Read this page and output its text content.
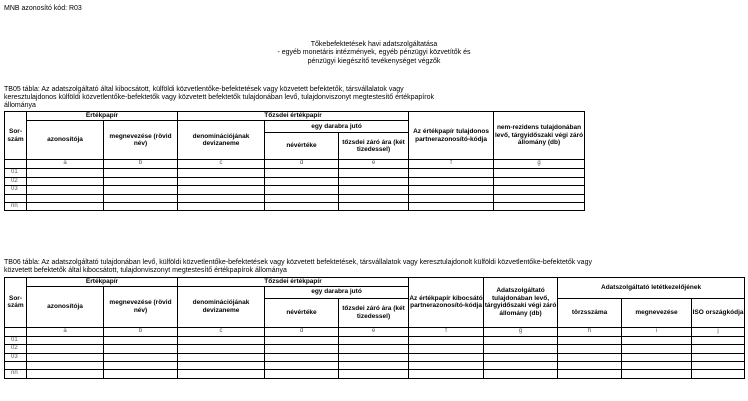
MNB azonosító kód: R03
Tőkebefektetések havi adatszolgáltatása
- egyéb monetáris intézmények, egyéb pénzügyi közvetítők és
pénzügyi kiegészítő tevékenységet végzők
TB05 tábla: Az adatszolgáltató által kibocsátott, külföldi közvetlentőke-befektetések vagy közvetett befektetők, társvállalatok vagy
keresztulajdonos külföldi közvetlentőke-befektetők vagy közvetett befektetők tulajdonában levő, tulajdonviszonyt megtestesítő értékpapírok
állománya
Sor-szám	Értékpapír		Tőzsdei értékpapír			Az értékpapír tulajdonos partnerazonosító-kódja	nem-rezidens tulajdonában levő, tárgyidőszaki végi záró állomány (db)
	azonosítója	megnevezése (rövid név)	denominációjának devizaneme	egy darabra jutó			
				névértéke	tőzsdei záró ára (két tizedessel)		
	a	b	c	d	e	f	g
01							
02							
03							

nn							
TB06 tábla: Az adatszolgáltató tulajdonában levő, külföldi közvetlentőke-befektetések vagy közvetett befektetések, társvállalatok vagy keresztulajdonolt külföldi közvetlentőke-befektetők vagy
közvetett befektetők által kibocsátott, tulajdonviszonyt megtestesítő értékpapírok állománya
Sor-szám	Értékpapír		Tőzsdei értékpapír			Az értékpapír kibocsátó partnerazonosító-kódja	Adatszolgáltató tulajdonában levő, tárgyidőszaki végi záró állomány (db)	Adatszolgáltató letétkezelőjének		
	azonosítója	megnevezése (rövid név)	denominációjának devizaneme	egy darabra jutó						
				névértéke	tőzsdei záró ára (két tizedessel)			törzsszáma	megnevezése	ISO országkódja
	a	b	c	d	e	f	g	h	i	j
01										
02										
03										

nn										
